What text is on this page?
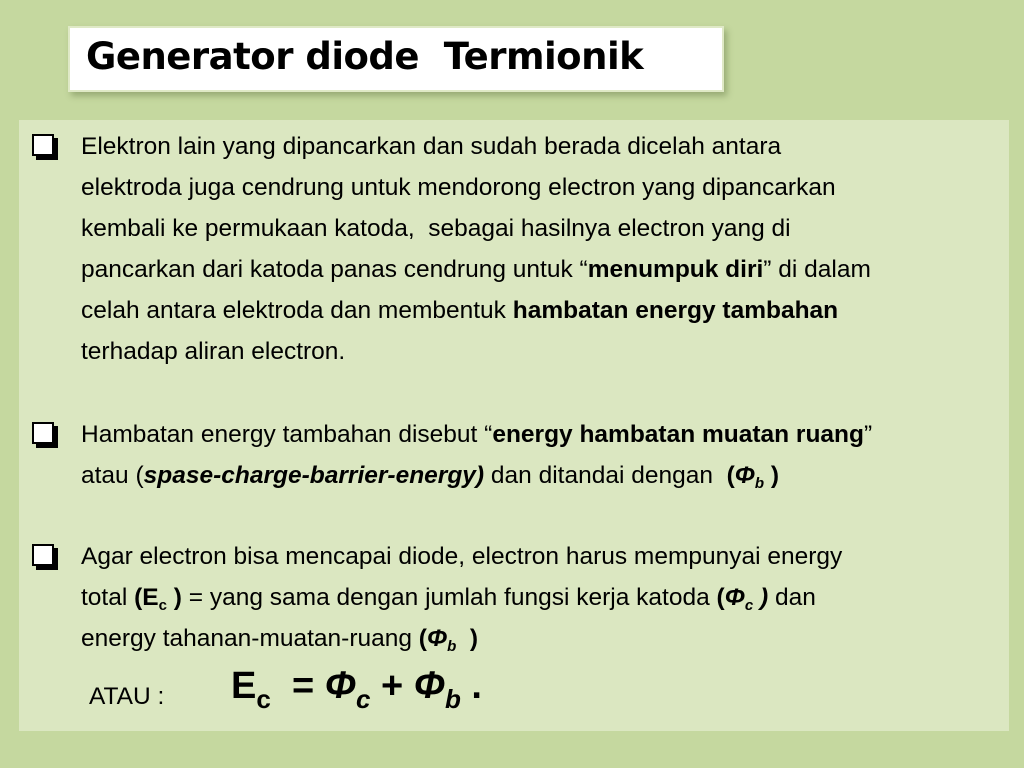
Generator diode  Termionik
Elektron lain yang dipancarkan dan sudah berada dicelah antara
elektroda juga cendrung untuk mendorong electron yang dipancarkan
kembali ke permukaan katoda,  sebagai hasilnya electron yang di
pancarkan dari katoda panas cendrung untuk “menumpuk diri” di dalam
celah antara elektroda dan membentuk hambatan energy tambahan
terhadap aliran electron.
Hambatan energy tambahan disebut “energy hambatan muatan ruang”
atau (spase-charge-barrier-energy) dan ditandai dengan  ($\Phi_b$ )
Agar electron bisa mencapai diode, electron harus mempunyai energy
total ($E_c$ ) = yang sama dengan jumlah fungsi kerja katoda ($\Phi_c$ ) dan
energy tahanan-muatan-ruang ($\Phi_b$  )
ATAU : $E_c = \Phi_c + \Phi_b$ .
